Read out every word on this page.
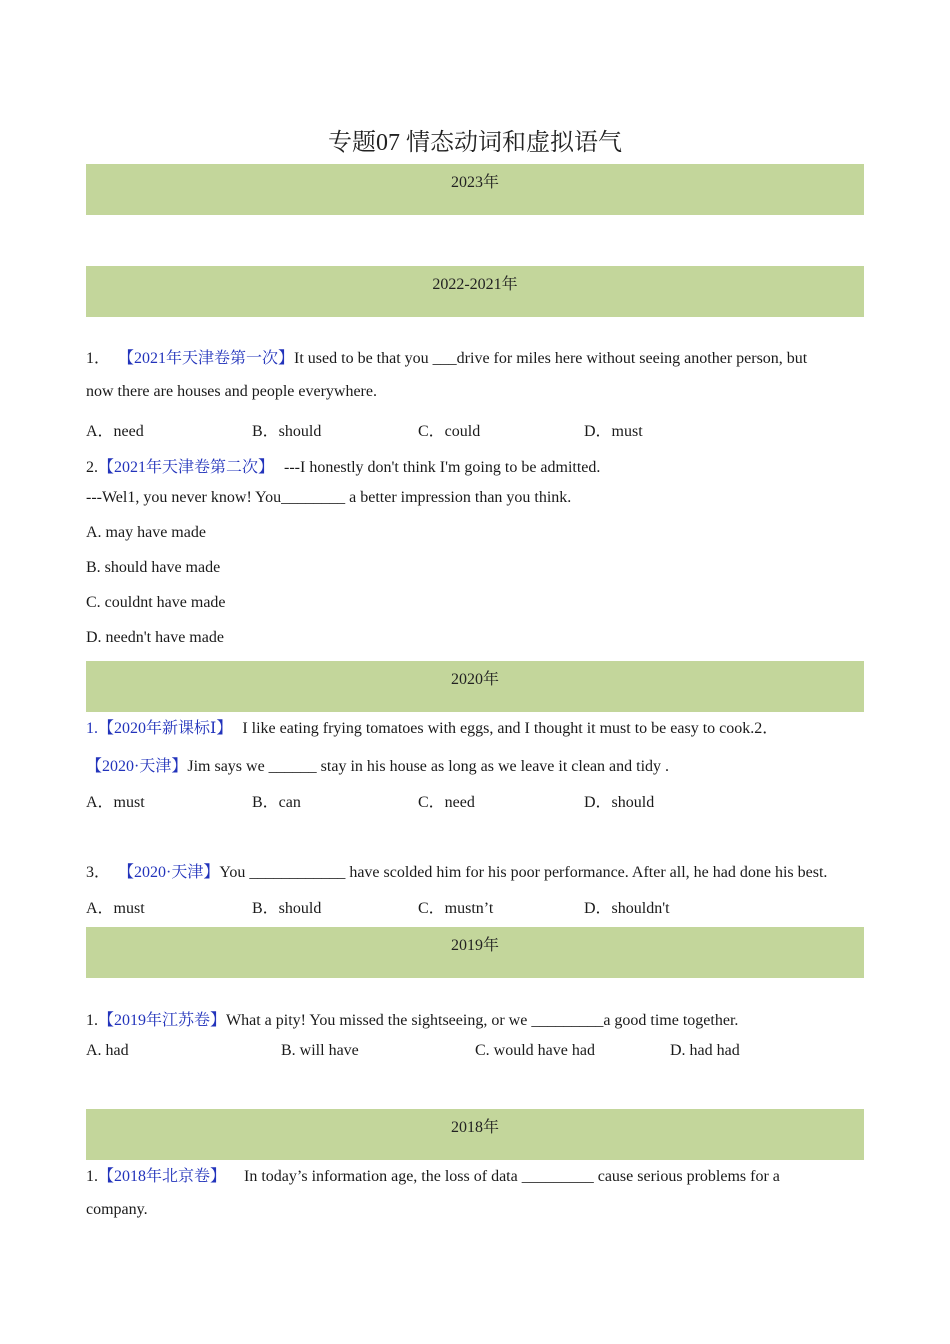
专题07 情态动词和虚拟语气
2023年
2022-2021年
2020年
2019年
2018年
1． 【2021年天津卷第一次】It used to be that you ___drive for miles here without seeing another person, but
now there are houses and people everywhere.
A．need	B．should	C．could	D．must
2.【2021年天津卷第二次】 ---I honestly don't think I'm going to be admitted.
---Wel1, you never know! You________ a better impression than you think.
A. may have made
B. should have made
C. couldnt have made
D. needn't have made
1.【2020年新课标Ⅰ】 I like eating frying tomatoes with eggs, and I thought it must to be easy to cook.2．
【2020·天津】Jim says we ______ stay in his house as long as we leave it clean and tidy .
A．must	B．can	C．need	D．should
3． 【2020·天津】You ____________ have scolded him for his poor performance. After all, he had done his best.
A．must	B．should	C．mustn’t	D．shouldn't
1.【2019年江苏卷】What a pity! You missed the sightseeing, or we _________a good time together.
A. had	B. will have	C. would have had	D. had had
1.【2018年北京卷】 In today’s information age, the loss of data _________ cause serious problems for a
company.
